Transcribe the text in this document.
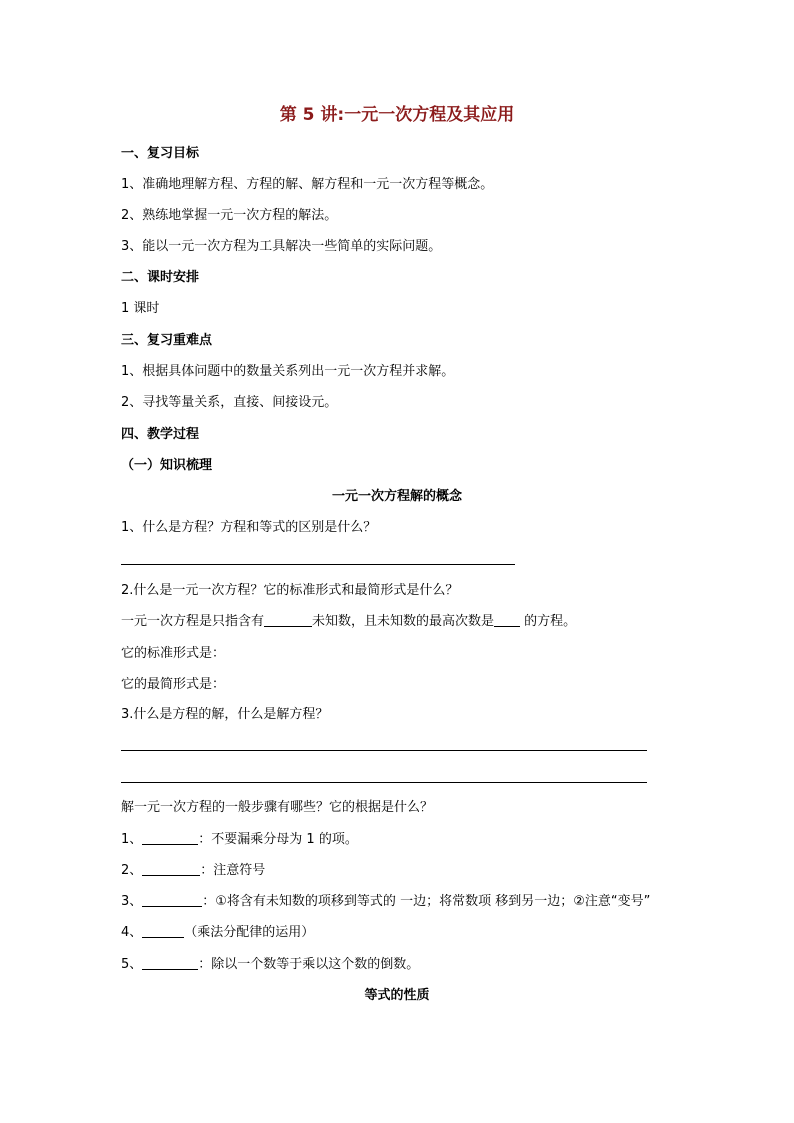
第 5 讲:一元一次方程及其应用
一、复习目标
1、准确地理解方程、方程的解、解方程和一元一次方程等概念。
2、熟练地掌握一元一次方程的解法。
3、能以一元一次方程为工具解决一些简单的实际问题。
二、课时安排
1 课时
三、复习重难点
1、根据具体问题中的数量关系列出一元一次方程并求解。
2、寻找等量关系，直接、间接设元。
四、教学过程
（一）知识梳理
一元一次方程解的概念
1、什么是方程？方程和等式的区别是什么？
2.什么是一元一次方程？它的标准形式和最简形式是什么？
一元一次方程是只指含有	未知数，且未知数的最高次数是 的方程。
它的标准形式是：
它的最简形式是：
3.什么是方程的解，什么是解方程？
解一元一次方程的一般步骤有哪些？它的根据是什么？
1、	：不要漏乘分母为 1 的项。
2、	：注意符号
3、	：①将含有未知数的项移到等式的 一边；将常数项 移到另一边；②注意“变号”
4、	（乘法分配律的运用）
5、	：除以一个数等于乘以这个数的倒数。
等式的性质
